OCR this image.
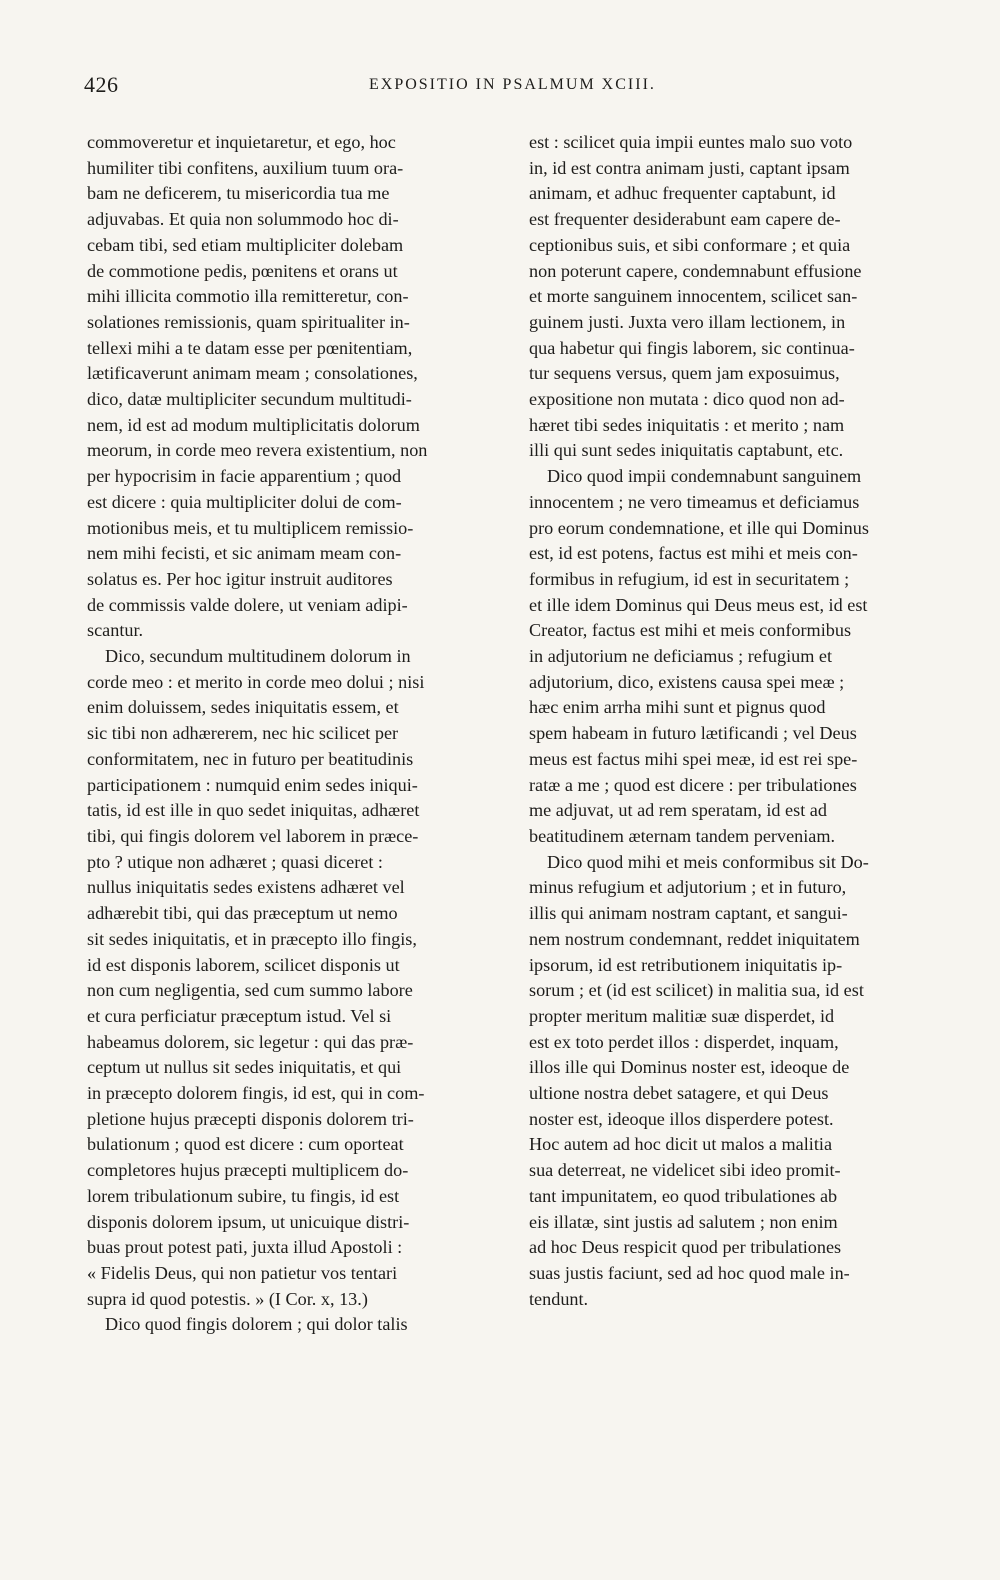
426	EXPOSITIO IN PSALMUM XCIII.
commoveretur et inquietaretur, et ego, hoc
humiliter tibi confitens, auxilium tuum ora-
bam ne deficerem, tu misericordia tua me
adjuvabas. Et quia non solummodo hoc di-
cebam tibi, sed etiam multipliciter dolebam
de commotione pedis, pœnitens et orans ut
mihi illicita commotio illa remitteretur, con-
solationes remissionis, quam spiritualiter in-
tellexi mihi a te datam esse per pœnitentiam,
lætificaverunt animam meam ; consolationes,
dico, datæ multipliciter secundum multitudi-
nem, id est ad modum multiplicitatis dolorum
meorum, in corde meo revera existentium, non
per hypocrisim in facie apparentium ; quod
est dicere : quia multipliciter dolui de com-
motionibus meis, et tu multiplicem remissio-
nem mihi fecisti, et sic animam meam con-
solatus es. Per hoc igitur instruit auditores
de commissis valde dolere, ut veniam adipi-
scantur.
Dico, secundum multitudinem dolorum in
corde meo : et merito in corde meo dolui ; nisi
enim doluissem, sedes iniquitatis essem, et
sic tibi non adhærerem, nec hic scilicet per
conformitatem, nec in futuro per beatitudinis
participationem : numquid enim sedes iniqui-
tatis, id est ille in quo sedet iniquitas, adhæret
tibi, qui fingis dolorem vel laborem in præce-
pto ? utique non adhæret ; quasi diceret :
nullus iniquitatis sedes existens adhæret vel
adhærebit tibi, qui das præceptum ut nemo
sit sedes iniquitatis, et in præcepto illo fingis,
id est disponis laborem, scilicet disponis ut
non cum negligentia, sed cum summo labore
et cura perficiatur præceptum istud. Vel si
habeamus dolorem, sic legetur : qui das præ-
ceptum ut nullus sit sedes iniquitatis, et qui
in præcepto dolorem fingis, id est, qui in com-
pletione hujus præcepti disponis dolorem tri-
bulationum ; quod est dicere : cum oporteat
completores hujus præcepti multiplicem do-
lorem tribulationum subire, tu fingis, id est
disponis dolorem ipsum, ut unicuique distri-
buas prout potest pati, juxta illud Apostoli :
« Fidelis Deus, qui non patietur vos tentari
supra id quod potestis. » (I Cor. x, 13.)
Dico quod fingis dolorem ; qui dolor talis
est : scilicet quia impii euntes malo suo voto
in, id est contra animam justi, captant ipsam
animam, et adhuc frequenter captabunt, id
est frequenter desiderabunt eam capere de-
ceptionibus suis, et sibi conformare ; et quia
non poterunt capere, condemnabunt effusione
et morte sanguinem innocentem, scilicet san-
guinem justi. Juxta vero illam lectionem, in
qua habetur qui fingis laborem, sic continua-
tur sequens versus, quem jam exposuimus,
expositione non mutata : dico quod non ad-
hæret tibi sedes iniquitatis : et merito ; nam
illi qui sunt sedes iniquitatis captabunt, etc.
Dico quod impii condemnabunt sanguinem
innocentem ; ne vero timeamus et deficiamus
pro eorum condemnatione, et ille qui Dominus
est, id est potens, factus est mihi et meis con-
formibus in refugium, id est in securitatem ;
et ille idem Dominus qui Deus meus est, id est
Creator, factus est mihi et meis conformibus
in adjutorium ne deficiamus ; refugium et
adjutorium, dico, existens causa spei meæ ;
hæc enim arrha mihi sunt et pignus quod
spem habeam in futuro lætificandi ; vel Deus
meus est factus mihi spei meæ, id est rei spe-
ratæ a me ; quod est dicere : per tribulationes
me adjuvat, ut ad rem speratam, id est ad
beatitudinem æternam tandem perveniam.
Dico quod mihi et meis conformibus sit Do-
minus refugium et adjutorium ; et in futuro,
illis qui animam nostram captant, et sangui-
nem nostrum condemnant, reddet iniquitatem
ipsorum, id est retributionem iniquitatis ip-
sorum ; et (id est scilicet) in malitia sua, id est
propter meritum malitiæ suæ disperdet, id
est ex toto perdet illos : disperdet, inquam,
illos ille qui Dominus noster est, ideoque de
ultione nostra debet satagere, et qui Deus
noster est, ideoque illos disperdere potest.
Hoc autem ad hoc dicit ut malos a malitia
sua deterreat, ne videlicet sibi ideo promit-
tant impunitatem, eo quod tribulationes ab
eis illatæ, sint justis ad salutem ; non enim
ad hoc Deus respicit quod per tribulationes
suas justis faciunt, sed ad hoc quod male in-
tendunt.
